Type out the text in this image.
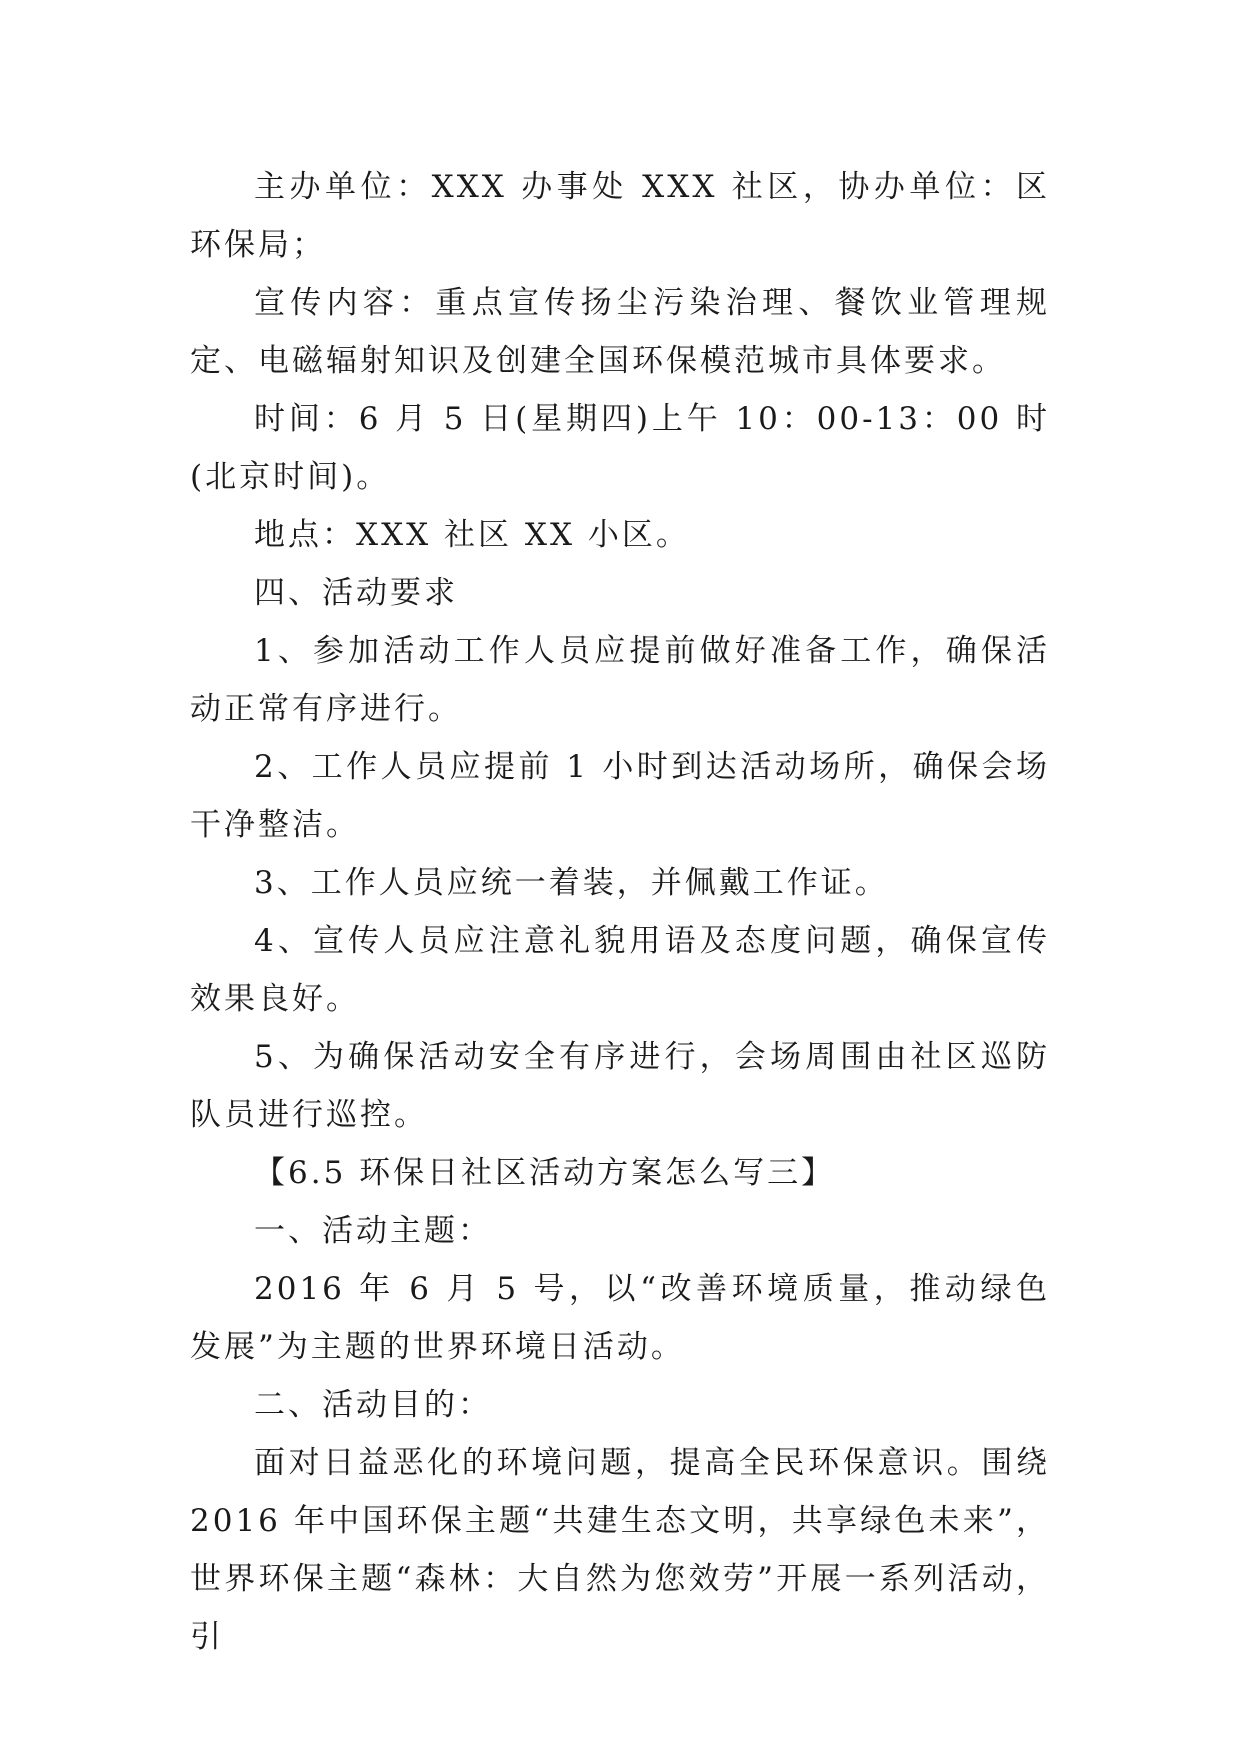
主办单位：XXX 办事处 XXX 社区，协办单位：区环保局；

宣传内容：重点宣传扬尘污染治理、餐饮业管理规定、电磁辐射知识及创建全国环保模范城市具体要求。

时间：6 月 5 日(星期四)上午 10：00-13：00 时(北京时间)。

地点：XXX 社区 XX 小区。

四、活动要求

1、参加活动工作人员应提前做好准备工作，确保活动正常有序进行。

2、工作人员应提前 1 小时到达活动场所，确保会场干净整洁。

3、工作人员应统一着装，并佩戴工作证。

4、宣传人员应注意礼貌用语及态度问题，确保宣传效果良好。

5、为确保活动安全有序进行，会场周围由社区巡防队员进行巡控。

【6.5 环保日社区活动方案怎么写三】

一、活动主题：

2016 年 6 月 5 号，以“改善环境质量，推动绿色发展”为主题的世界环境日活动。

二、活动目的：

面对日益恶化的环境问题，提高全民环保意识。围绕 2016 年中国环保主题“共建生态文明，共享绿色未来”，世界环保主题“森林：大自然为您效劳”开展一系列活动，引
